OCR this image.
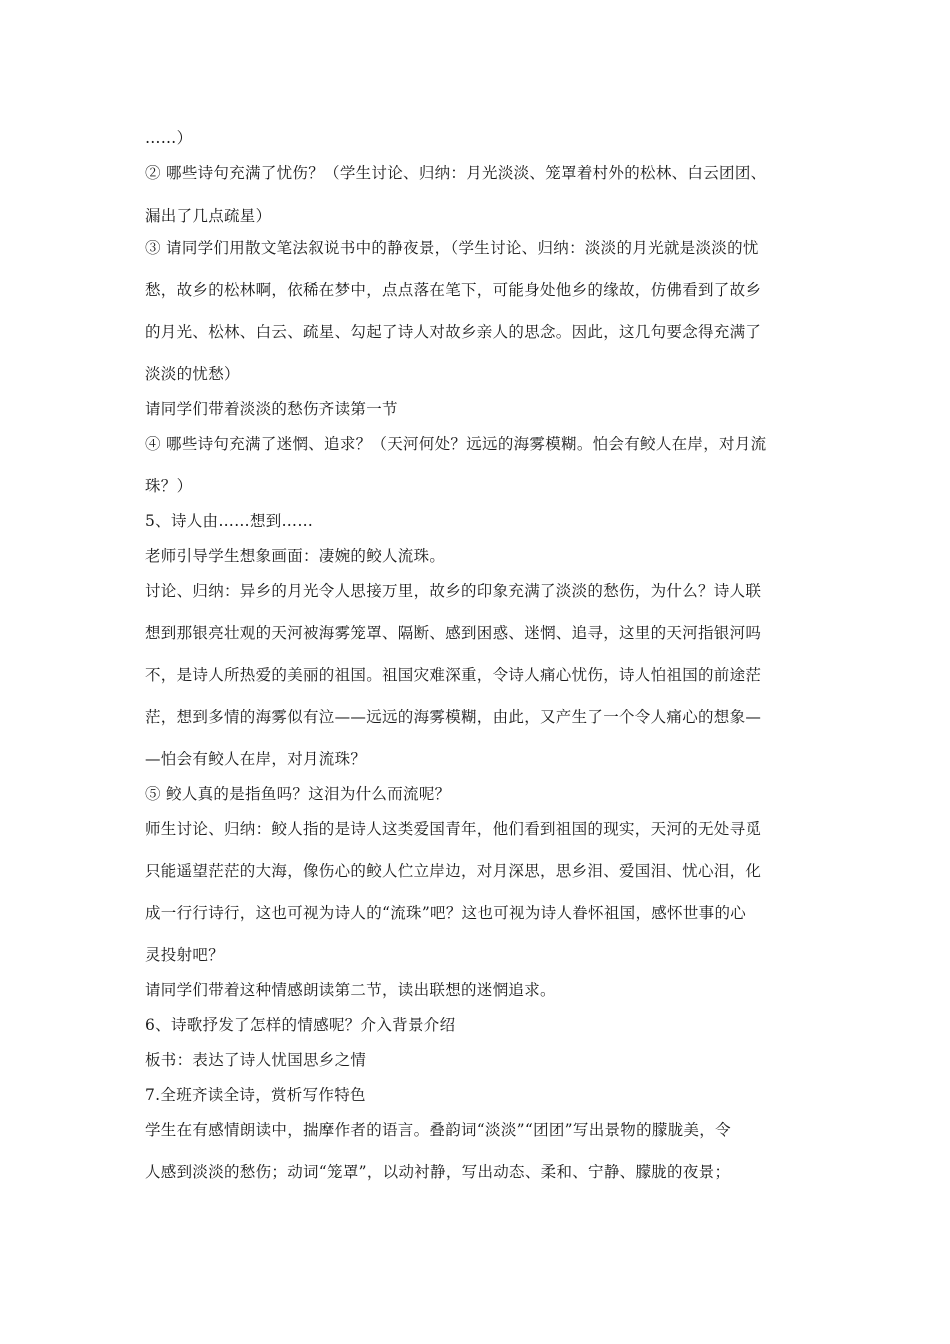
……）
② 哪些诗句充满了忧伤？（学生讨论、归纳：月光淡淡、笼罩着村外的松林、白云团团、
漏出了几点疏星）
③ 请同学们用散文笔法叙说书中的静夜景，（学生讨论、归纳：淡淡的月光就是淡淡的忧
愁，故乡的松林啊，依稀在梦中，点点落在笔下，可能身处他乡的缘故，仿佛看到了故乡
的月光、松林、白云、疏星、勾起了诗人对故乡亲人的思念。因此，这几句要念得充满了
淡淡的忧愁）
请同学们带着淡淡的愁伤齐读第一节
④ 哪些诗句充满了迷惘、追求？（天河何处？远远的海雾模糊。怕会有鲛人在岸，对月流
珠？）
5、诗人由……想到……
老师引导学生想象画面：凄婉的鲛人流珠。
讨论、归纳：异乡的月光令人思接万里，故乡的印象充满了淡淡的愁伤，为什么？诗人联
想到那银亮壮观的天河被海雾笼罩、隔断、感到困惑、迷惘、追寻，这里的天河指银河吗
不，是诗人所热爱的美丽的祖国。祖国灾难深重，令诗人痛心忧伤，诗人怕祖国的前途茫
茫，想到多情的海雾似有泣——远远的海雾模糊，由此，又产生了一个令人痛心的想象—
—怕会有鲛人在岸，对月流珠？
⑤ 鲛人真的是指鱼吗？这泪为什么而流呢？
师生讨论、归纳：鲛人指的是诗人这类爱国青年，他们看到祖国的现实，天河的无处寻觅
只能遥望茫茫的大海，像伤心的鲛人伫立岸边，对月深思，思乡泪、爱国泪、忧心泪，化
成一行行诗行，这也可视为诗人的“流珠”吧？这也可视为诗人眷怀祖国，感怀世事的心
灵投射吧？
请同学们带着这种情感朗读第二节，读出联想的迷惘追求。
6、诗歌抒发了怎样的情感呢？介入背景介绍
板书：表达了诗人忧国思乡之情
7.全班齐读全诗，赏析写作特色
学生在有感情朗读中，揣摩作者的语言。叠韵词“淡淡”“团团”写出景物的朦胧美，令
人感到淡淡的愁伤；动词“笼罩”，以动衬静，写出动态、柔和、宁静、朦胧的夜景；
